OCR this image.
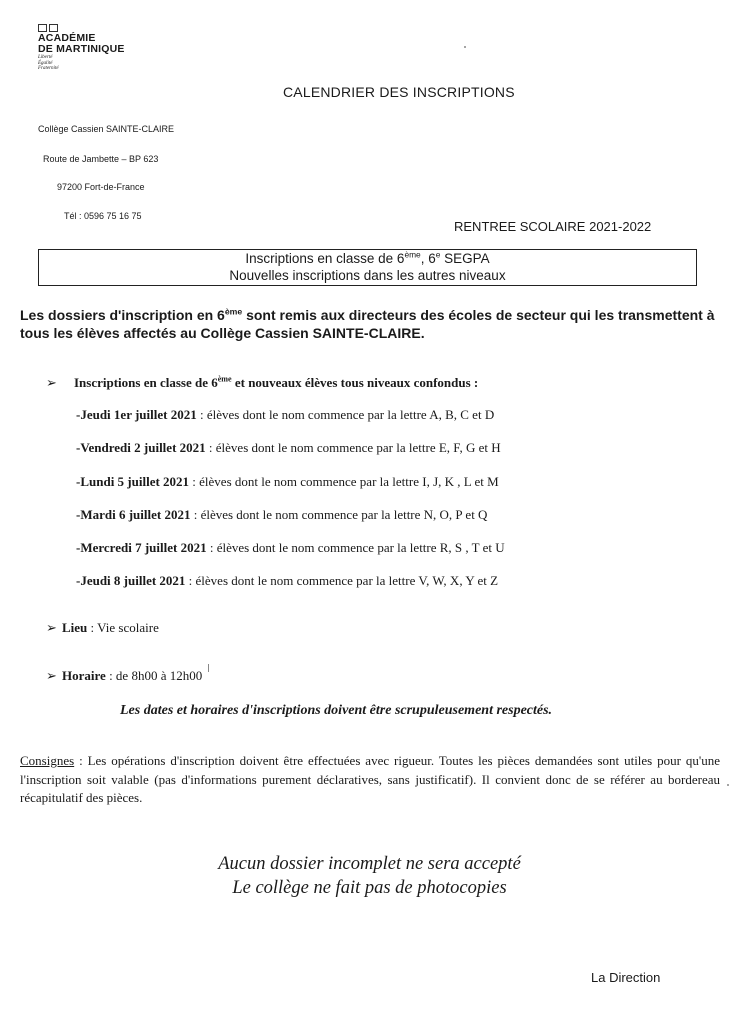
ACADÉMIE
DE MARTINIQUE
Liberté
Égalité
Fraternité
CALENDRIER DES INSCRIPTIONS
Collège Cassien SAINTE-CLAIRE
Route de Jambette – BP 623
97200 Fort-de-France
Tél : 0596 75 16 75
RENTREE SCOLAIRE 2021-2022
Inscriptions en classe de 6ème, 6e SEGPA
Nouvelles inscriptions dans les autres niveaux
Les dossiers d'inscription en 6ème sont remis aux directeurs des écoles de secteur qui les transmettent à tous les élèves affectés au Collège Cassien SAINTE-CLAIRE.
➢ Inscriptions en classe de 6ème et nouveaux élèves tous niveaux confondus :
-Jeudi 1er juillet 2021 : élèves dont le nom commence par la lettre A, B, C et D
-Vendredi 2 juillet 2021 : élèves dont le nom commence par la lettre E, F, G et H
-Lundi 5 juillet 2021 : élèves dont le nom commence par la lettre I, J, K , L et M
-Mardi 6 juillet 2021 : élèves dont le nom commence par la lettre N, O, P et Q
-Mercredi 7 juillet 2021 : élèves dont le nom commence par la lettre R, S , T et U
-Jeudi 8 juillet 2021 : élèves dont le nom commence par la lettre V, W, X, Y et Z
➢ Lieu : Vie scolaire
➢ Horaire : de 8h00 à 12h00
Les dates et horaires d'inscriptions doivent être scrupuleusement respectés.
Consignes : Les opérations d'inscription doivent être effectuées avec rigueur. Toutes les pièces demandées sont utiles pour qu'une l'inscription soit valable (pas d'informations purement déclaratives, sans justificatif). Il convient donc de se référer au bordereau récapitulatif des pièces.
Aucun dossier incomplet ne sera accepté
Le collège ne fait pas de photocopies
La Direction
